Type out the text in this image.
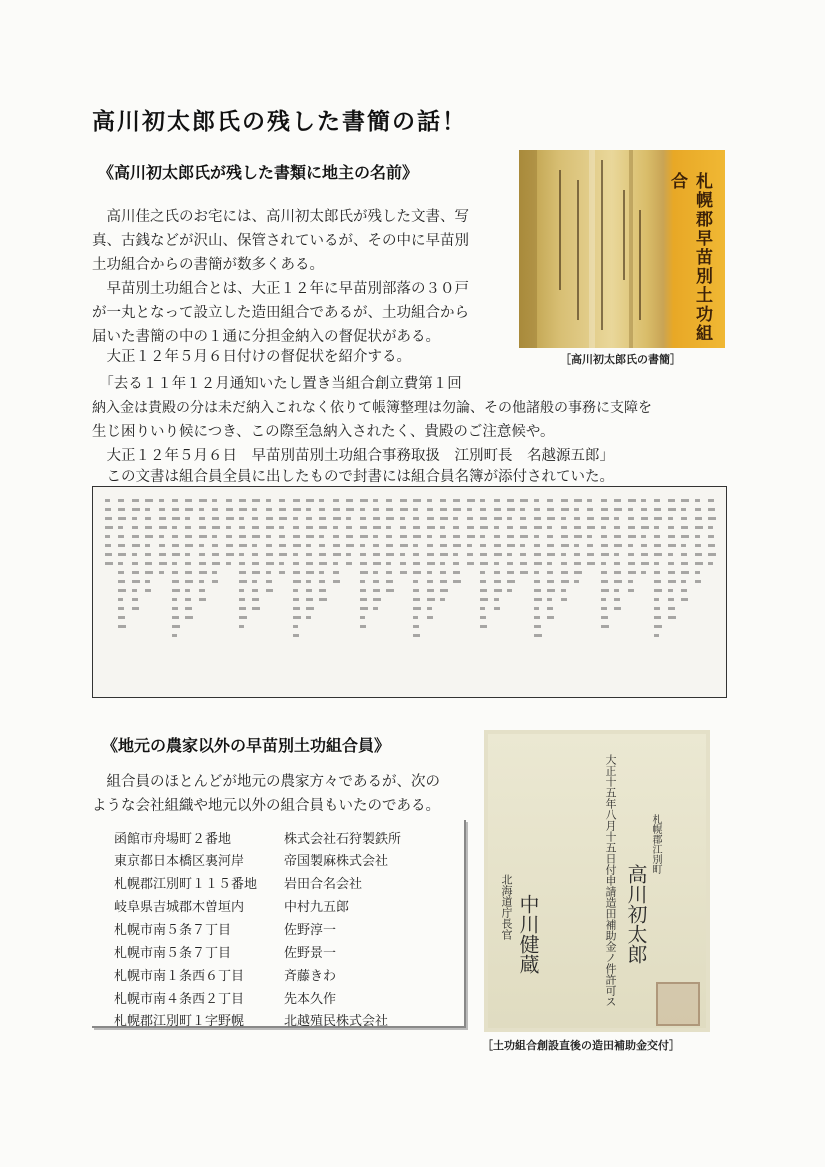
高川初太郎氏の残した書簡の話！
《高川初太郎氏が残した書類に地主の名前》
　高川佳之氏のお宅には、高川初太郎氏が残した文書、写
真、古銭などが沢山、保管されているが、その中に早苗別
土功組合からの書簡が数多くある。
　早苗別土功組合とは、大正１２年に早苗別部落の３０戸
が一丸となって設立した造田組合であるが、土功組合から
届いた書簡の中の１通に分担金納入の督促状がある。
　大正１２年５月６日付けの督促状を紹介する。
　「去る１１年１２月通知いたし置き当組合創立費第１回
納入金は貴殿の分は未だ納入これなく依りて帳簿整理は勿論、その他諸般の事務に支障を
生じ困りいり候につき、この際至急納入されたく、貴殿のご注意候や。
　大正１２年５月６日　早苗別苗別土功組合事務取扱　江別町長　名越源五郎」
　この文書は組合員全員に出したもので封書には組合員名簿が添付されていた。
札幌郡早苗別土功組合
［高川初太郎氏の書簡］
《地元の農家以外の早苗別土功組合員》
　組合員のほとんどが地元の農家方々であるが、次の
ような会社組織や地元以外の組合員もいたのである。
函館市舟場町２番地	株式会社石狩製鉄所
東京都日本橋区裏河岸	帝国製麻株式会社
札幌郡江別町１１５番地 岩田合名会社
岐阜県吉城郡木曽垣内	中村九五郎
札幌市南５条７丁目	佐野淳一
札幌市南５条７丁目	佐野景一
札幌市南１条西６丁目	斉藤きわ
札幌市南４条西２丁目	先本久作
札幌郡江別町１字野幌	北越殖民株式会社
大正十五年八月十五日付申請造田補助金ノ件許可ス 高川初太郎
札幌郡江別町
北海道庁長官 中川健蔵
［土功組合創設直後の造田補助金交付］
